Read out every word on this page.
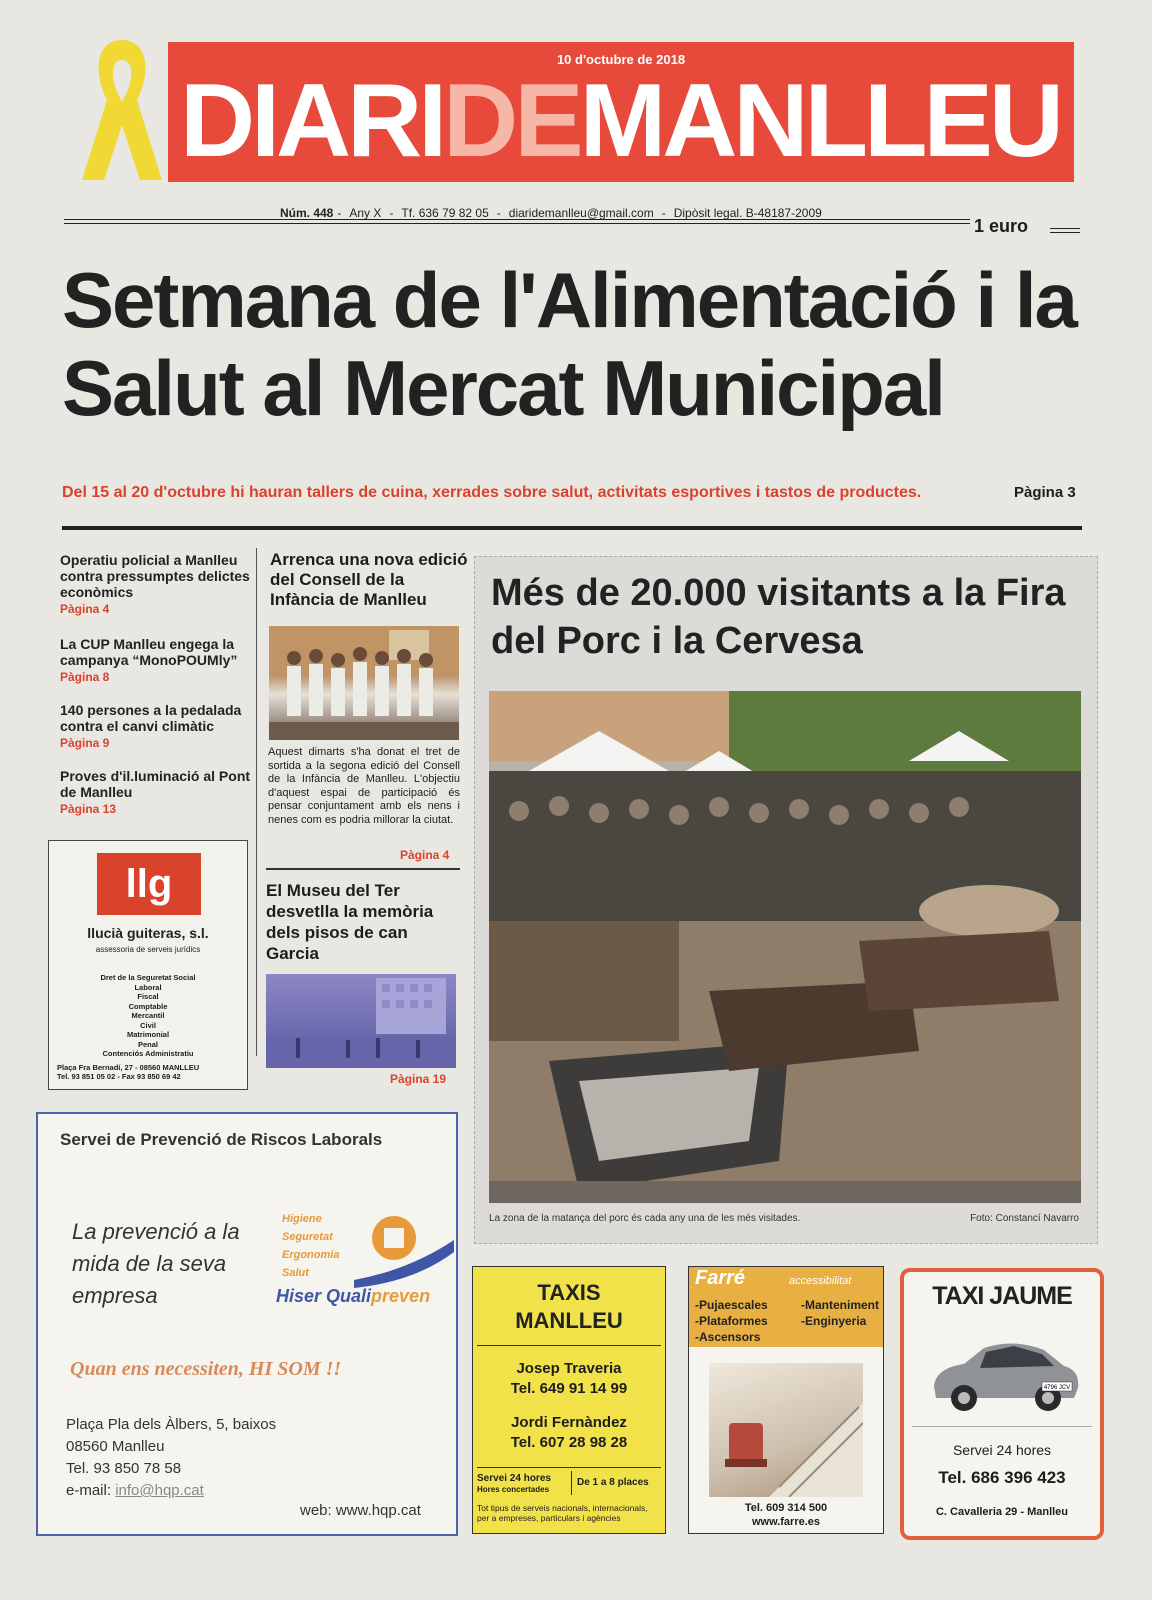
10 d'octubre de 2018
DIARIDEMANLLEU
Núm. 448 - Any X - Tf. 636 79 82 05 - diaridemanlleu@gmail.com - Dipòsit legal. B-48187-2009
1 euro
Setmana de l'Alimentació i la Salut al Mercat Municipal
Del 15 al 20 d'octubre hi hauran tallers de cuina, xerrades sobre salut, activitats esportives i tastos de productes.	Pàgina 3
Operatiu policial a Manlleu contra pressumptes delictes econòmics
Pàgina 4
La CUP Manlleu engega la campanya “MonoPOUMly”
Pàgina 8
140 persones a la pedalada contra el canvi climàtic
Pàgina 9
Proves d'il.luminació al Pont de Manlleu
Pàgina 13
llg
llucià guiteras, s.l.
assessoria de serveis jurídics
Dret de la Seguretat Social
Laboral
Fiscal
Comptable
Mercantil
Civil
Matrimonial
Penal
Contenciós Administratiu
Plaça Fra Bernadí, 27 - 08560 MANLLEU
Tel. 93 851 05 02 - Fax 93 850 69 42
Arrenca una nova edició del Consell de la Infància de Manlleu
Aquest dimarts s'ha donat el tret de sortida a la segona edició del Consell de la Infància de Manlleu. L'objectiu d'aquest espai de participació és pensar conjuntament amb els nens i nenes com es podria millorar la ciutat.
Pàgina 4
El Museu del Ter desvetlla la memòria dels pisos de can Garcia
Pàgina 19
Més de 20.000 visitants a la Fira del Porc i la Cervesa
La zona de la matança del porc és cada any una de les més visitades.	Foto: Constancí Navarro
Servei de Prevenció de Riscos Laborals
La prevenció a la mida de la seva empresa
Higiene
Seguretat
Ergonomia
Salut
Hiser Qualipreven
Quan ens necessiten, HI SOM !!
Plaça Pla dels Àlbers, 5, baixos
08560 Manlleu
Tel. 93 850 78 58
e-mail: info@hqp.cat
web: www.hqp.cat
TAXIS MANLLEU
Josep Traveria
Tel. 649 91 14 99
Jordi Fernàndez
Tel. 607 28 98 28
Servei 24 hores
Hores concertades
De 1 a 8 places
Tot tipus de serveis nacionals, internacionals, per a empreses, particulars i agències
Farré	accessibilitat
-Pujaescales
-Plataformes
-Ascensors
-Manteniment
-Enginyeria
Tel. 609 314 500
www.farre.es
TAXI JAUME
4796 JCV
Servei 24 hores
Tel. 686 396 423
C. Cavalleria 29 - Manlleu
